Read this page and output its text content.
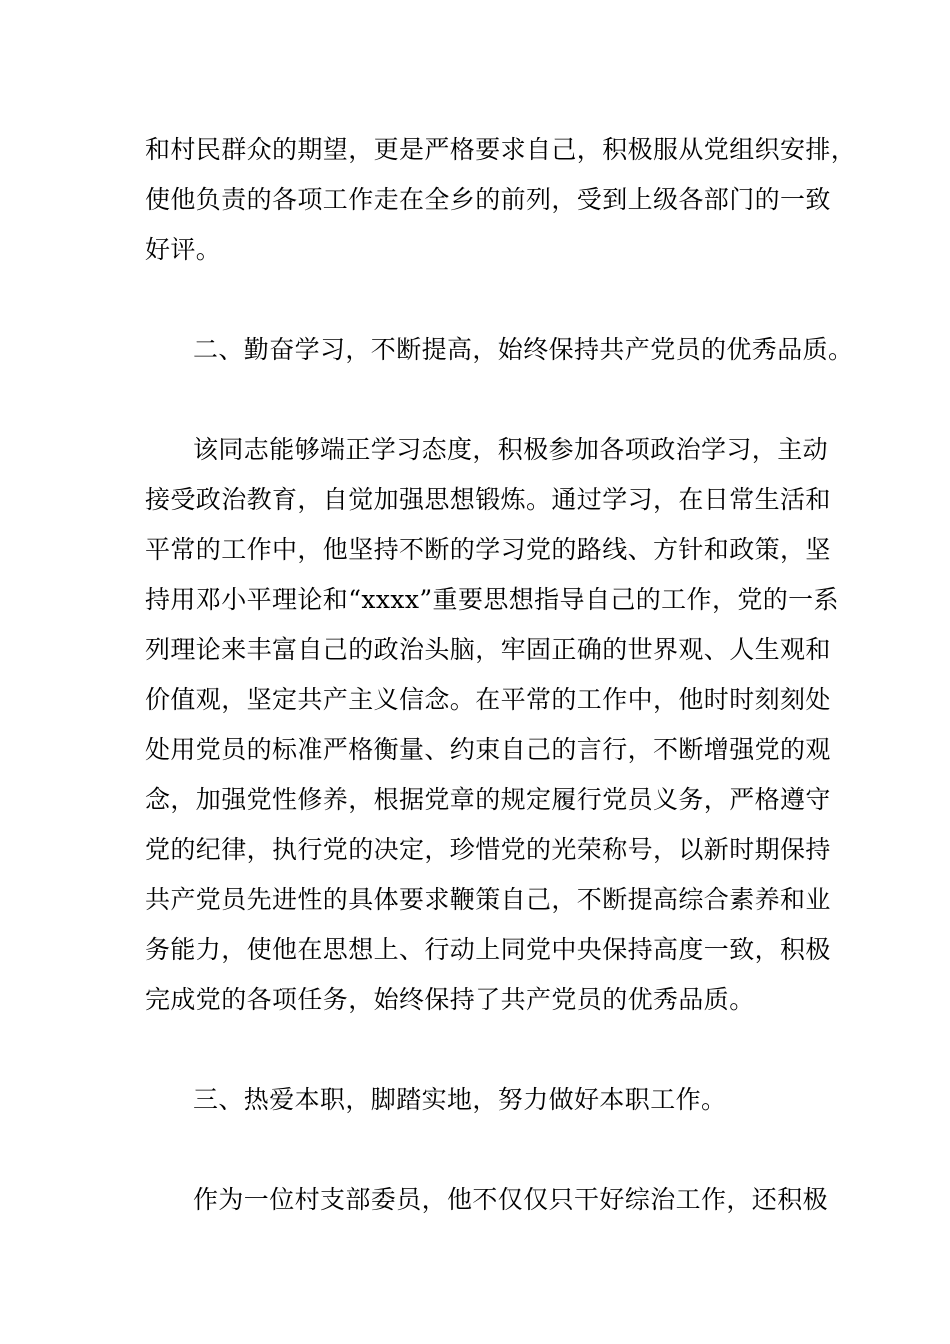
和村民群众的期望，更是严格要求自己，积极服从党组织安排，
使他负责的各项工作走在全乡的前列，受到上级各部门的一致
好评。
二、勤奋学习，不断提高，始终保持共产党员的优秀品质。
该同志能够端正学习态度，积极参加各项政治学习，主动
接受政治教育，自觉加强思想锻炼。通过学习，在日常生活和
平常的工作中，他坚持不断的学习党的路线、方针和政策，坚
持用邓小平理论和“xxxx”重要思想指导自己的工作，党的一系
列理论来丰富自己的政治头脑，牢固正确的世界观、人生观和
价值观，坚定共产主义信念。在平常的工作中，他时时刻刻处
处用党员的标准严格衡量、约束自己的言行，不断增强党的观
念，加强党性修养，根据党章的规定履行党员义务，严格遵守
党的纪律，执行党的决定，珍惜党的光荣称号，以新时期保持
共产党员先进性的具体要求鞭策自己，不断提高综合素养和业
务能力，使他在思想上、行动上同党中央保持高度一致，积极
完成党的各项任务，始终保持了共产党员的优秀品质。
三、热爱本职，脚踏实地，努力做好本职工作。
作为一位村支部委员，他不仅仅只干好综治工作，还积极
